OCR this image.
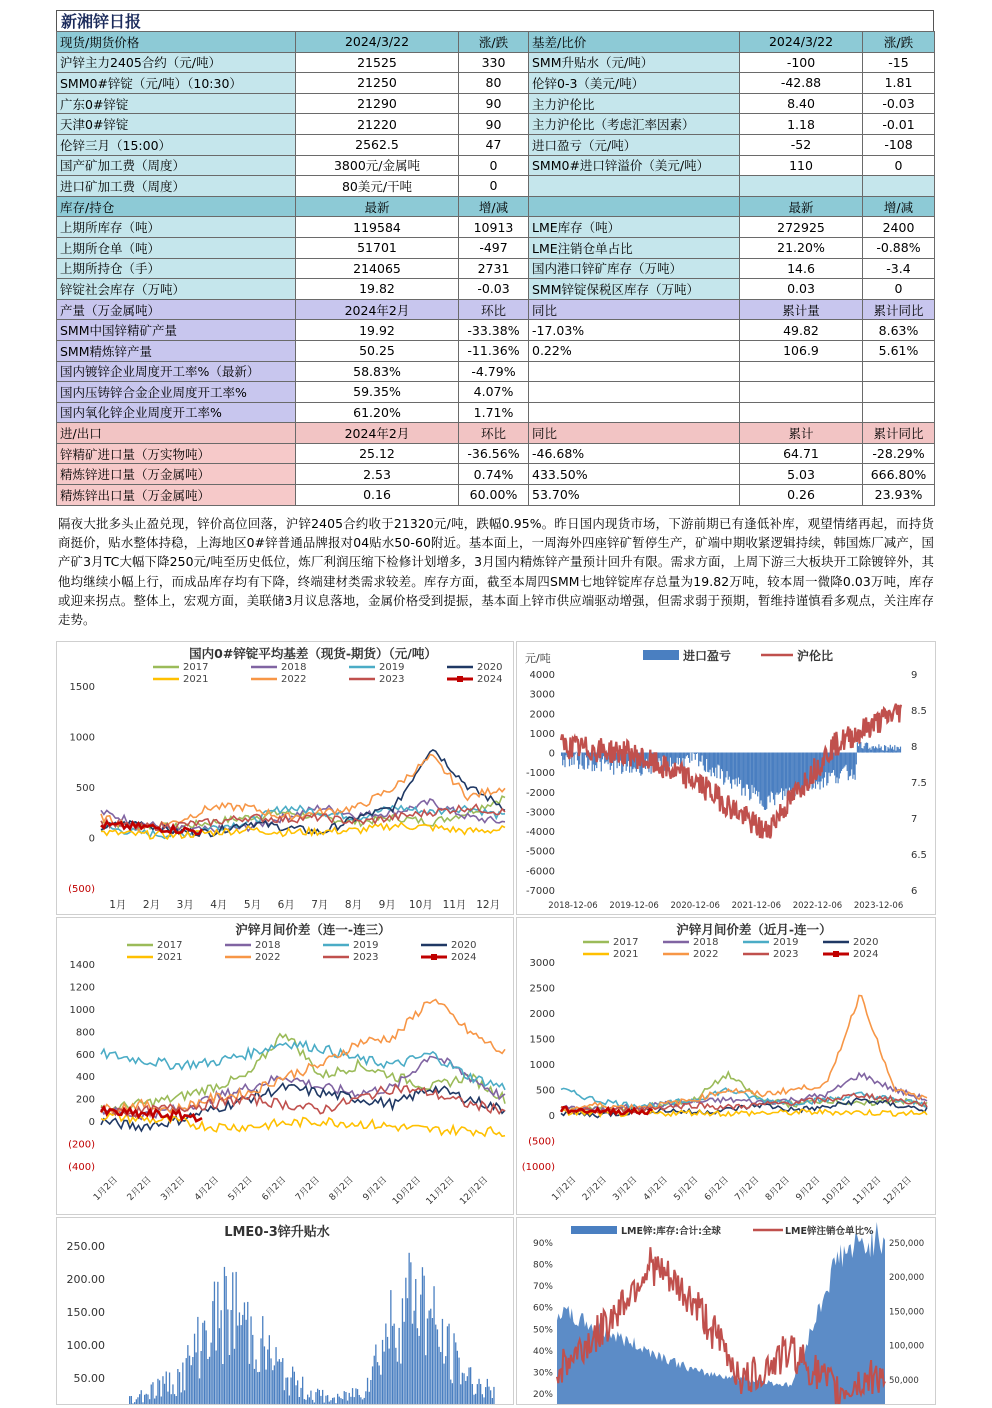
新湘锌日报
现货/期货价格	2024/3/22	涨/跌	基差/比价	2024/3/22	涨/跌
沪锌主力2405合约（元/吨）	21525	330	SMM升贴水（元/吨）	-100	-15
SMM0#锌锭（元/吨）（10:30）	21250	80	伦锌0-3（美元/吨）	-42.88	1.81
广东0#锌锭	21290	90	主力沪伦比	8.40	-0.03
天津0#锌锭	21220	90	主力沪伦比（考虑汇率因素）	1.18	-0.01
伦锌三月（15:00）	2562.5	47	进口盈亏（元/吨）	-52	-108
国产矿加工费（周度）	3800元/金属吨	0	SMM0#进口锌溢价（美元/吨）	110	0
进口矿加工费（周度）	80美元/干吨	0			
库存/持仓	最新	增/减		最新	增/减
上期所库存（吨）	119584	10913	LME库存（吨）	272925	2400
上期所仓单（吨）	51701	-497	LME注销仓单占比	21.20%	-0.88%
上期所持仓（手）	214065	2731	国内港口锌矿库存（万吨）	14.6	-3.4
锌锭社会库存（万吨）	19.82	-0.03	SMM锌锭保税区库存（万吨）	0.03	0
产量（万金属吨）	2024年2月	环比	同比	累计量	累计同比
SMM中国锌精矿产量	19.92	-33.38%	-17.03%	49.82	8.63%
SMM精炼锌产量	50.25	-11.36%	0.22%	106.9	5.61%
国内镀锌企业周度开工率%（最新）	58.83%	-4.79%			
国内压铸锌合金企业周度开工率%	59.35%	4.07%			
国内氧化锌企业周度开工率%	61.20%	1.71%			
进/出口	2024年2月	环比	同比	累计	累计同比
锌精矿进口量（万实物吨）	25.12	-36.56%	-46.68%	64.71	-28.29%
精炼锌进口量（万金属吨）	2.53	0.74%	433.50%	5.03	666.80%
精炼锌出口量（万金属吨）	0.16	60.00%	53.70%	0.26	23.93%
隔夜大批多头止盈兑现，锌价高位回落，沪锌2405合约收于21320元/吨，跌幅0.95%。昨日国内现货市场，下游前期已有逢低补库，观望情绪再起，而持货商挺价，贴水整体持稳，上海地区0#锌普通品牌报对04贴水50-60附近。基本面上，一周海外四座锌矿暂停生产，矿端中期收紧逻辑持续，韩国炼厂减产，国产矿3月TC大幅下降250元/吨至历史低位，炼厂利润压缩下检修计划增多，3月国内精炼锌产量预计回升有限。需求方面，上周下游三大板块开工除镀锌外，其他均继续小幅上行，而成品库存均有下降，终端建材类需求较差。库存方面，截至本周四SMM七地锌锭库存总量为19.82万吨，较本周一微降0.03万吨，库存或迎来拐点。整体上，宏观方面，美联储3月议息落地，金属价格受到提振，基本面上锌市供应端驱动增强，但需求弱于预期，暂维持谨慎看多观点，关注库存走势。
国内0#锌锭平均基差（现货-期货）（元/吨）
2017	2018	2019	2020
2021	2022	2023	2024
1500
1000
500
0
(500)
1月 2月 3月 4月 5月 6月 7月 8月 9月 10月 11月 12月
元/吨	进口盈亏	沪伦比
4000
3000
2000
1000
0
-1000
-2000
-3000
-4000
-5000
-6000
-7000
9
8.5
8
7.5
7
6.5
6
2018-12-06 2019-12-06 2020-12-06 2021-12-06 2022-12-06 2023-12-06
沪锌月间价差（连一-连三）
2017	2018	2019	2020
2021	2022	2023	2024
1400
1200
1000
800
600
400
200
0
(200)
(400)
1月2日 2月2日 3月2日 4月2日 5月2日 6月2日 7月2日 8月2日 9月2日 10月2日 11月2日 12月2日
沪锌月间价差（近月-连一）
2017	2018	2019	2020
2021	2022	2023	2024
3000
2500
2000
1500
1000
500
0
(500)
(1000)
1月2日 2月2日 3月2日 4月2日 5月2日 6月2日 7月2日 8月2日 9月2日
10月2日
11月2日
12月2日
LME0-3锌升贴水
250.00
200.00
150.00
100.00
50.00
LME锌:库存:合计:全球	LME锌注销仓单比%
90%
80%
70%
60%
50%
40%
30%
20%
250,000
200,000
150,000
100,000
50,000
